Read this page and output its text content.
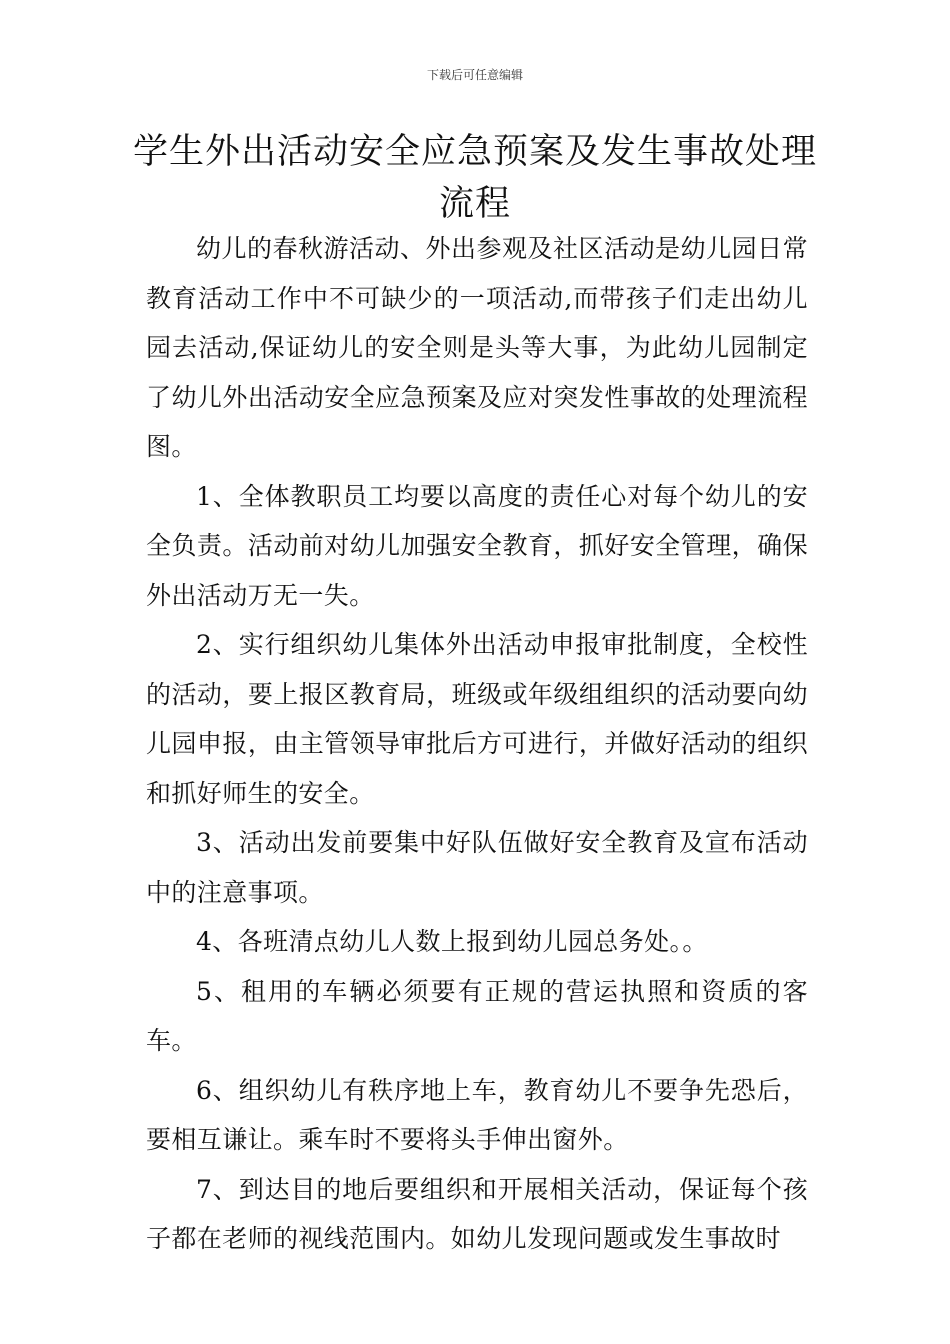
下载后可任意编辑
学生外出活动安全应急预案及发生事故处理流程

幼儿的春秋游活动、外出参观及社区活动是幼儿园日常教育活动工作中不可缺少的一项活动,而带孩子们走出幼儿园去活动,保证幼儿的安全则是头等大事，为此幼儿园制定了幼儿外出活动安全应急预案及应对突发性事故的处理流程图。

1、全体教职员工均要以高度的责任心对每个幼儿的安全负责。活动前对幼儿加强安全教育，抓好安全管理，确保外出活动万无一失。

2、实行组织幼儿集体外出活动申报审批制度，全校性的活动，要上报区教育局，班级或年级组组织的活动要向幼儿园申报，由主管领导审批后方可进行，并做好活动的组织和抓好师生的安全。

3、活动出发前要集中好队伍做好安全教育及宣布活动中的注意事项。

4、各班清点幼儿人数上报到幼儿园总务处。。

5、租用的车辆必须要有正规的营运执照和资质的客车。

6、组织幼儿有秩序地上车，教育幼儿不要争先恐后，要相互谦让。乘车时不要将头手伸出窗外。

7、到达目的地后要组织和开展相关活动，保证每个孩子都在老师的视线范围内。如幼儿发现问题或发生事故时
